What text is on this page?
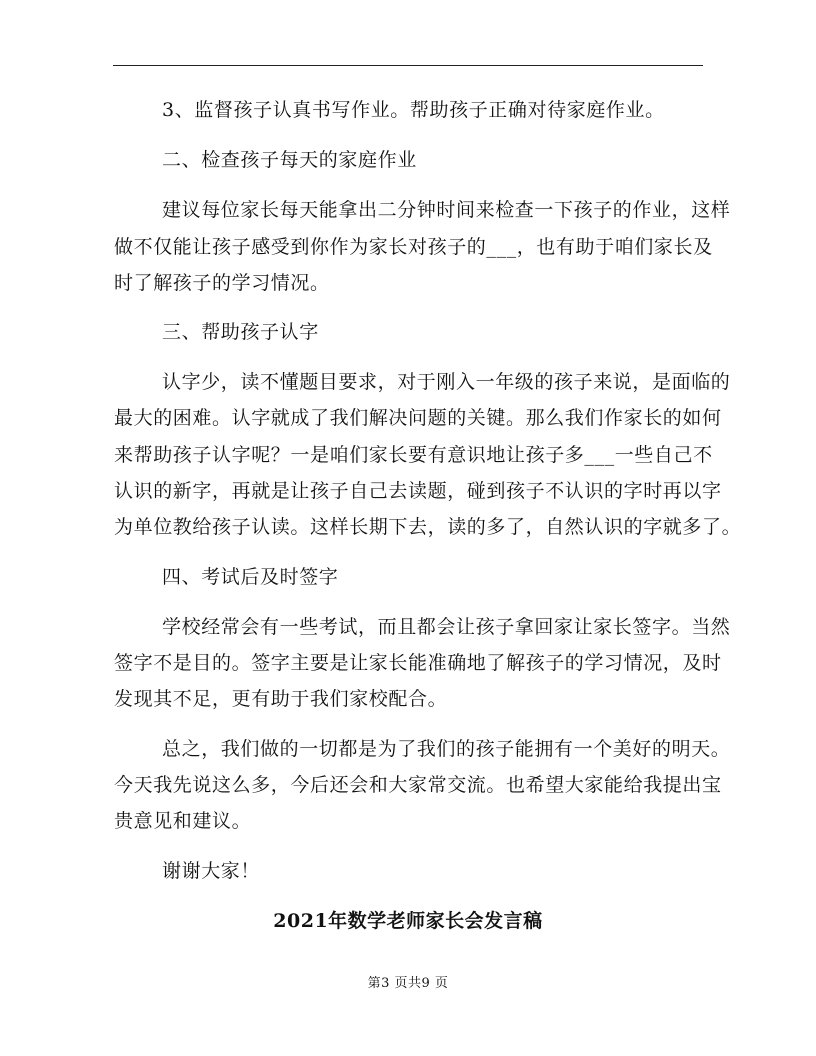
3、监督孩子认真书写作业。帮助孩子正确对待家庭作业。
二、检查孩子每天的家庭作业
建议每位家长每天能拿出二分钟时间来检查一下孩子的作业，这样
做不仅能让孩子感受到你作为家长对孩子的___，也有助于咱们家长及
时了解孩子的学习情况。
三、帮助孩子认字
认字少，读不懂题目要求，对于刚入一年级的孩子来说，是面临的
最大的困难。认字就成了我们解决问题的关键。那么我们作家长的如何
来帮助孩子认字呢？一是咱们家长要有意识地让孩子多___一些自己不
认识的新字，再就是让孩子自己去读题，碰到孩子不认识的字时再以字
为单位教给孩子认读。这样长期下去，读的多了，自然认识的字就多了。
四、考试后及时签字
学校经常会有一些考试，而且都会让孩子拿回家让家长签字。当然
签字不是目的。签字主要是让家长能准确地了解孩子的学习情况，及时
发现其不足，更有助于我们家校配合。
总之，我们做的一切都是为了我们的孩子能拥有一个美好的明天。
今天我先说这么多，今后还会和大家常交流。也希望大家能给我提出宝
贵意见和建议。
谢谢大家！
2021年数学老师家长会发言稿
第3 页共9 页
